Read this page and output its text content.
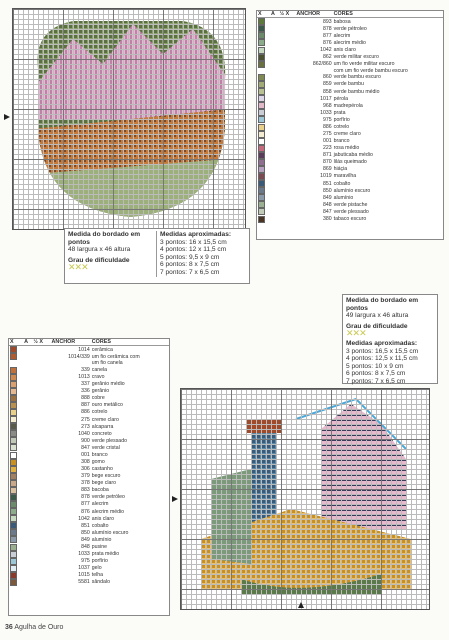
X	A	½ X	ANCHOR	CORES
			893	babosa
			878	verde pétroleo
			877	alecrim
			876	alecrim médio
			1042	anis claro
			862	verde militar escuro
			862/860	um fio verde militar escuro
				com um fio verde bambu escuro
			860	verde bambu escuro
			859	verde bambu
			858	verde bambu médio
			1017	pérola
			968	madrepérola
			1033	prata
			975	porfírio
			886	cotrelo
			275	creme claro
			001	branco
			223	rosa médio
			871	jabuticaba médio
			870	lilás queimado
			869	hiáçia
			1019	maravilha
			851	cobalto
			850	alumínio escuro
			849	alumínio
			848	verde pistache
			847	verde plessado
			380	tabaco escuro
Medida do bordado em pontos
48 largura x 46 altura
Grau de dificuldade
✕✕✕
Medidas aproximadas:
3 pontos: 16 x 15,5 cm
4 pontos: 12 x 11,5 cm
5 pontos: 9,5 x 9 cm
6 pontos: 8 x 7,5 cm
7 pontos: 7 x 6,5 cm
Medida do bordado em pontos
49 largura x 46 altura
Grau de dificuldade
✕✕✕
Medidas aproximadas:
3 pontos: 16,5 x 15,5 cm
4 pontos: 12,5 x 11,5 cm
5 pontos: 10 x 9 cm
6 pontos: 8 x 7,5 cm
7 pontos: 7 x 6,5 cm
X	A	½ X	ANCHOR	CORES
			1014	cerâmica
			1014/339	um fio cerâmica com
				um fio canela
			339	canela
			1013	cravo
			337	gerânio médio
			336	gerânio
			888	cobre
			887	ouro metálico
			886	cotrelo
			275	creme claro
			273	alcaparra
			1040	concreto
			900	verde plessado
			847	verde cristal
			001	branco
			308	gomo
			306	castanho
			379	bege escuro
			378	bege claro
			883	bacoba
			878	verde petróleo
			877	alecrim
			876	alecrim médio
			1042	anis claro
			851	cobalto
			850	alumínio escuro
			849	alumínio
			848	pusine
			1033	prata médio
			975	porfírio
			1037	gelo
			1015	telha
			5581	sândalo
36 Agulha de Ouro
